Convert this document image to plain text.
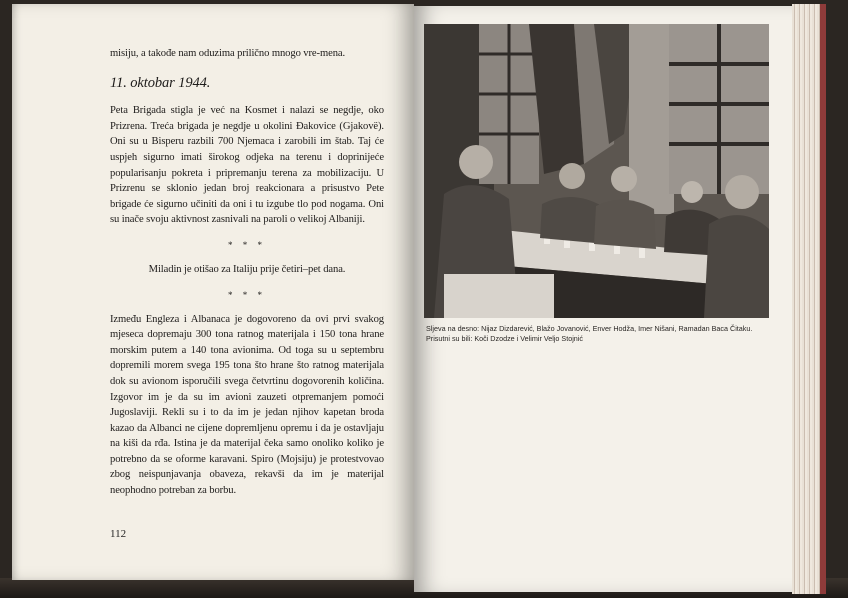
misiju, a takođe nam oduzima prilično mnogo vre-mena.

11. oktobar 1944.

Peta Brigada stigla je već na Kosmet i nalazi se negdje, oko Prizrena. Treća brigada je negdje u okolini Đakovice (Gjakovë). Oni su u Bisperu razbili 700 Njemaca i zarobili im štab. Taj će uspjeh sigurno imati širokog odjeka na terenu i doprinijeće popularisanju pokreta i pripremanju terena za mobilizaciju. U Prizrenu se sklonio jedan broj reakcionara a prisustvo Pete brigade će sigurno učiniti da oni i tu izgube tlo pod nogama. Oni su inače svoju aktivnost zasnivali na paroli o velikoj Albaniji.

* * *

Miladin je otišao za Italiju prije četiri–pet dana.

* * *

Između Engleza i Albanaca je dogovoreno da ovi prvi svakog mjeseca dopremaju 300 tona ratnog materijala i 150 tona hrane morskim putem a 140 tona avionima. Od toga su u septembru dopremili morem svega 195 tona što hrane što ratnog materijala dok su avionom isporučili svega četvrtinu dogovorenih količina. Izgovor im je da su im avioni zauzeti otpremanjem pomoći Jugoslaviji. Rekli su i to da im je jedan njihov kapetan broda kazao da Albanci ne cijene dopremljenu opremu i da je ostavljaju na kiši da rđa. Istina je da materijal čeka samo onoliko koliko je potrebno da se oforme karavani. Spiro (Mojsiju) je protestvovao zbog neispunjavanja obaveza, rekavši da im je materijal neophodno potreban za borbu.

112
Sljeva na desno: Nijaz Dizdarević, Blažo Jovanović, Enver Hodža, Imer Nišani, Ramadan Baca Čitaku. Prisutni su bili: Koči Dzodze i Velimir Veljo Stojnić
